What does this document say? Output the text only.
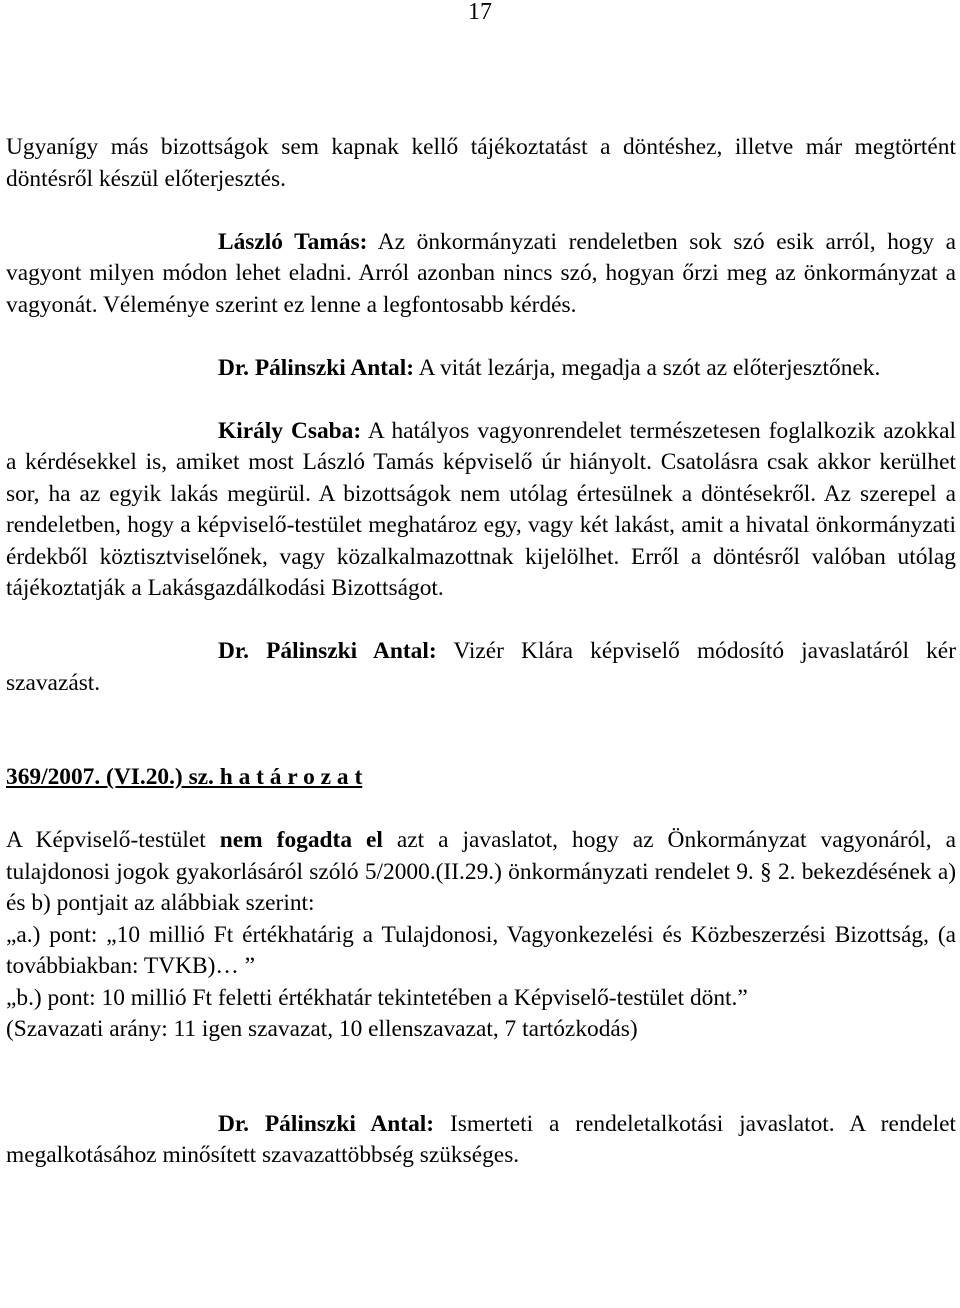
17

Ugyanígy más bizottságok sem kapnak kellő tájékoztatást a döntéshez, illetve már megtörtént döntésről készül előterjesztés.

László Tamás: Az önkormányzati rendeletben sok szó esik arról, hogy a vagyont milyen módon lehet eladni. Arról azonban nincs szó, hogyan őrzi meg az önkormányzat a vagyonát. Véleménye szerint ez lenne a legfontosabb kérdés.

Dr. Pálinszki Antal: A vitát lezárja, megadja a szót az előterjesztőnek.

Király Csaba: A hatályos vagyonrendelet természetesen foglalkozik azokkal a kérdésekkel is, amiket most László Tamás képviselő úr hiányolt. Csatolásra csak akkor kerülhet sor, ha az egyik lakás megürül. A bizottságok nem utólag értesülnek a döntésekről. Az szerepel a rendeletben, hogy a képviselő-testület meghatároz egy, vagy két lakást, amit a hivatal önkormányzati érdekből köztisztviselőnek, vagy közalkalmazottnak kijelölhet. Erről a döntésről valóban utólag tájékoztatják a Lakásgazdálkodási Bizottságot.

Dr. Pálinszki Antal: Vizér Klára képviselő módosító javaslatáról kér szavazást.

369/2007. (VI.20.) sz. h a t á r o z a t

A Képviselő-testület nem fogadta el azt a javaslatot, hogy az Önkormányzat vagyonáról, a tulajdonosi jogok gyakorlásáról szóló 5/2000.(II.29.) önkormányzati rendelet 9. § 2. bekezdésének a) és b) pontjait az alábbiak szerint:

„a.) pont: „10 millió Ft értékhatárig a Tulajdonosi, Vagyonkezelési és Közbeszerzési Bizottság, (a továbbiakban: TVKB)… ”

„b.) pont: 10 millió Ft feletti értékhatár tekintetében a Képviselő-testület dönt.”

(Szavazati arány: 11 igen szavazat, 10 ellenszavazat, 7 tartózkodás)

Dr. Pálinszki Antal: Ismerteti a rendeletalkotási javaslatot. A rendelet megalkotásához minősített szavazattöbbség szükséges.
